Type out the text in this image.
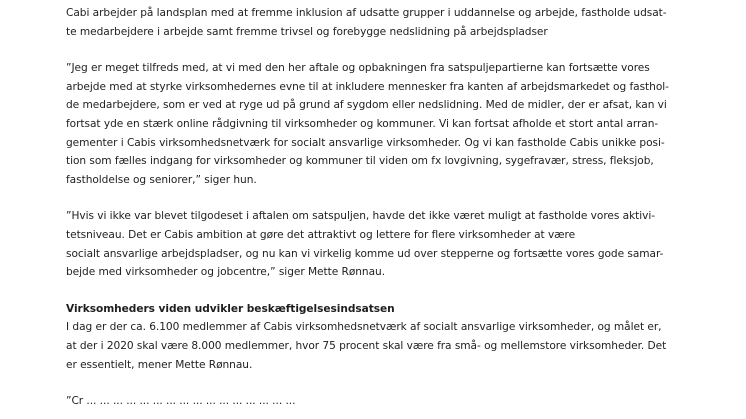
Cabi arbejder på landsplan med at fremme inklusion af udsatte grupper i uddannelse og arbejde, fastholde udsat-
te medarbejdere i arbejde samt fremme trivsel og forebygge nedslidning på arbejdspladser

”Jeg er meget tilfreds med, at vi med den her aftale og opbakningen fra satspuljepartierne kan fortsætte vores
arbejde med at styrke virksomhedernes evne til at inkludere mennesker fra kanten af arbejdsmarkedet og fasthol-
de medarbejdere, som er ved at ryge ud på grund af sygdom eller nedslidning. Med de midler, der er afsat, kan vi
fortsat yde en stærk online rådgivning til virksomheder og kommuner. Vi kan fortsat afholde et stort antal arran-
gementer i Cabis virksomhedsnetværk for socialt ansvarlige virksomheder. Og vi kan fastholde Cabis unikke posi-
tion som fælles indgang for virksomheder og kommuner til viden om fx lovgivning, sygefravær, stress, fleksjob,
fastholdelse og seniorer,” siger hun.

”Hvis vi ikke var blevet tilgodeset i aftalen om satspuljen, havde det ikke været muligt at fastholde vores aktivi-
tetsniveau. Det er Cabis ambition at gøre det attraktivt og lettere for flere virksomheder at være
socialt ansvarlige arbejdspladser, og nu kan vi virkelig komme ud over stepperne og fortsætte vores gode samar-
bejde med virksomheder og jobcentre,” siger Mette Rønnau.

Virksomheders viden udvikler beskæftigelsesindsatsen
I dag er der ca. 6.100 medlemmer af Cabis virksomhedsnetværk af socialt ansvarlige virksomheder, og målet er,
at der i 2020 skal være 8.000 medlemmer, hvor 75 procent skal være fra små- og mellemstore virksomheder. Det
er essentielt, mener Mette Rønnau.

”Cr ... ... ... ... ... ... ... ... ... ... ... ... ... ... ... ...
